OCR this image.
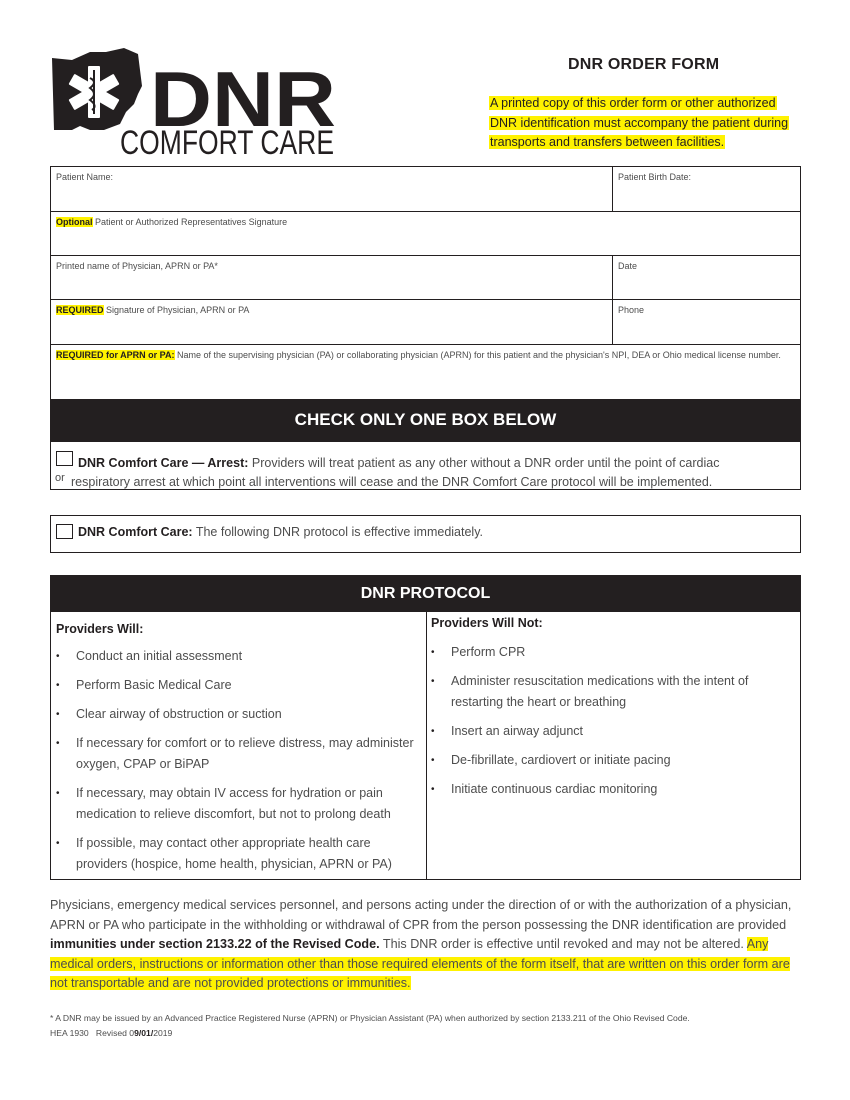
DNR
COMFORT CARE
DNR ORDER FORM
A printed copy of this order form or other authorized
DNR identification must accompany the patient during
transports and transfers between facilities.
Patient Name:	Patient Birth Date:
Optional Patient or Authorized Representatives Signature
Printed name of Physician, APRN or PA*	Date
REQUIRED Signature of Physician, APRN or PA	Phone
REQUIRED for APRN or PA: Name of the supervising physician (PA) or collaborating physician (APRN) for this patient and the physician's NPI, DEA or Ohio medical license number.
CHECK ONLY ONE BOX BELOW
DNR Comfort Care — Arrest: Providers will treat patient as any other without a DNR order until the point of cardiac
respiratory arrest at which point all interventions will cease and the DNR Comfort Care protocol will be implemented.
or
DNR Comfort Care: The following DNR protocol is effective immediately.
DNR PROTOCOL
Providers Will:
• Conduct an initial assessment
• Perform Basic Medical Care
• Clear airway of obstruction or suction
• If necessary for comfort or to relieve distress, may administer
oxygen, CPAP or BiPAP
• If necessary, may obtain IV access for hydration or pain
medication to relieve discomfort, but not to prolong death
• If possible, may contact other appropriate health care
providers (hospice, home health, physician, APRN or PA)
Providers Will Not:
• Perform CPR
• Administer resuscitation medications with the intent of
restarting the heart or breathing
• Insert an airway adjunct
• De-fibrillate, cardiovert or initiate pacing
• Initiate continuous cardiac monitoring
Physicians, emergency medical services personnel, and persons acting under the direction of or with the authorization of a physician, APRN or PA who participate in the withholding or withdrawal of CPR from the person possessing the DNR identification are provided immunities under section 2133.22 of the Revised Code. This DNR order is effective until revoked and may not be altered. Any medical orders, instructions or information other than those required elements of the form itself, that are written on this order form are not transportable and are not provided protections or immunities.
* A DNR may be issued by an Advanced Practice Registered Nurse (APRN) or Physician Assistant (PA) when authorized by section 2133.211 of the Ohio Revised Code.
HEA 1930 Revised 09/01/2019
